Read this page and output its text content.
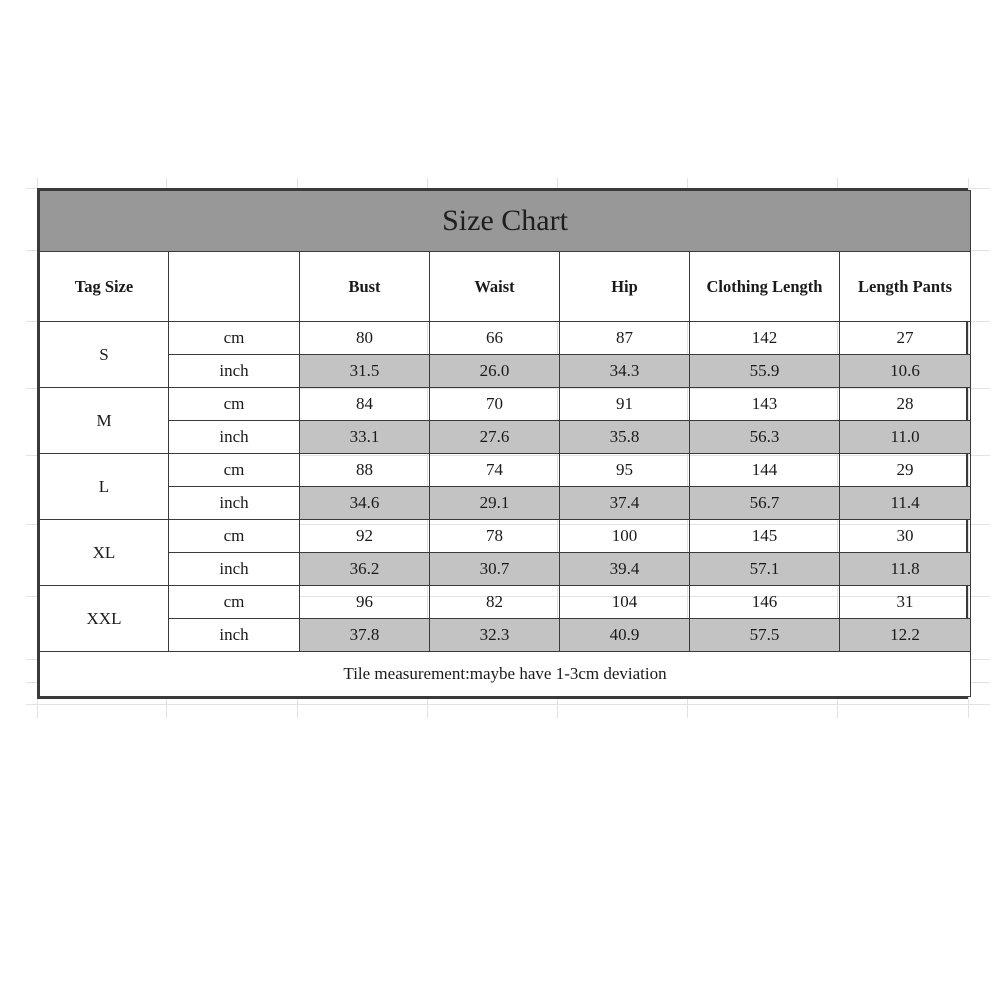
Size Chart						
Tag Size		Bust	Waist	Hip	Clothing Length	Length Pants
S	cm	80	66	87	142	27
	inch	31.5	26.0	34.3	55.9	10.6
M	cm	84	70	91	143	28
	inch	33.1	27.6	35.8	56.3	11.0
L	cm	88	74	95	144	29
	inch	34.6	29.1	37.4	56.7	11.4
XL	cm	92	78	100	145	30
	inch	36.2	30.7	39.4	57.1	11.8
XXL	cm	96	82	104	146	31
	inch	37.8	32.3	40.9	57.5	12.2
Tile measurement:maybe have 1-3cm deviation						
